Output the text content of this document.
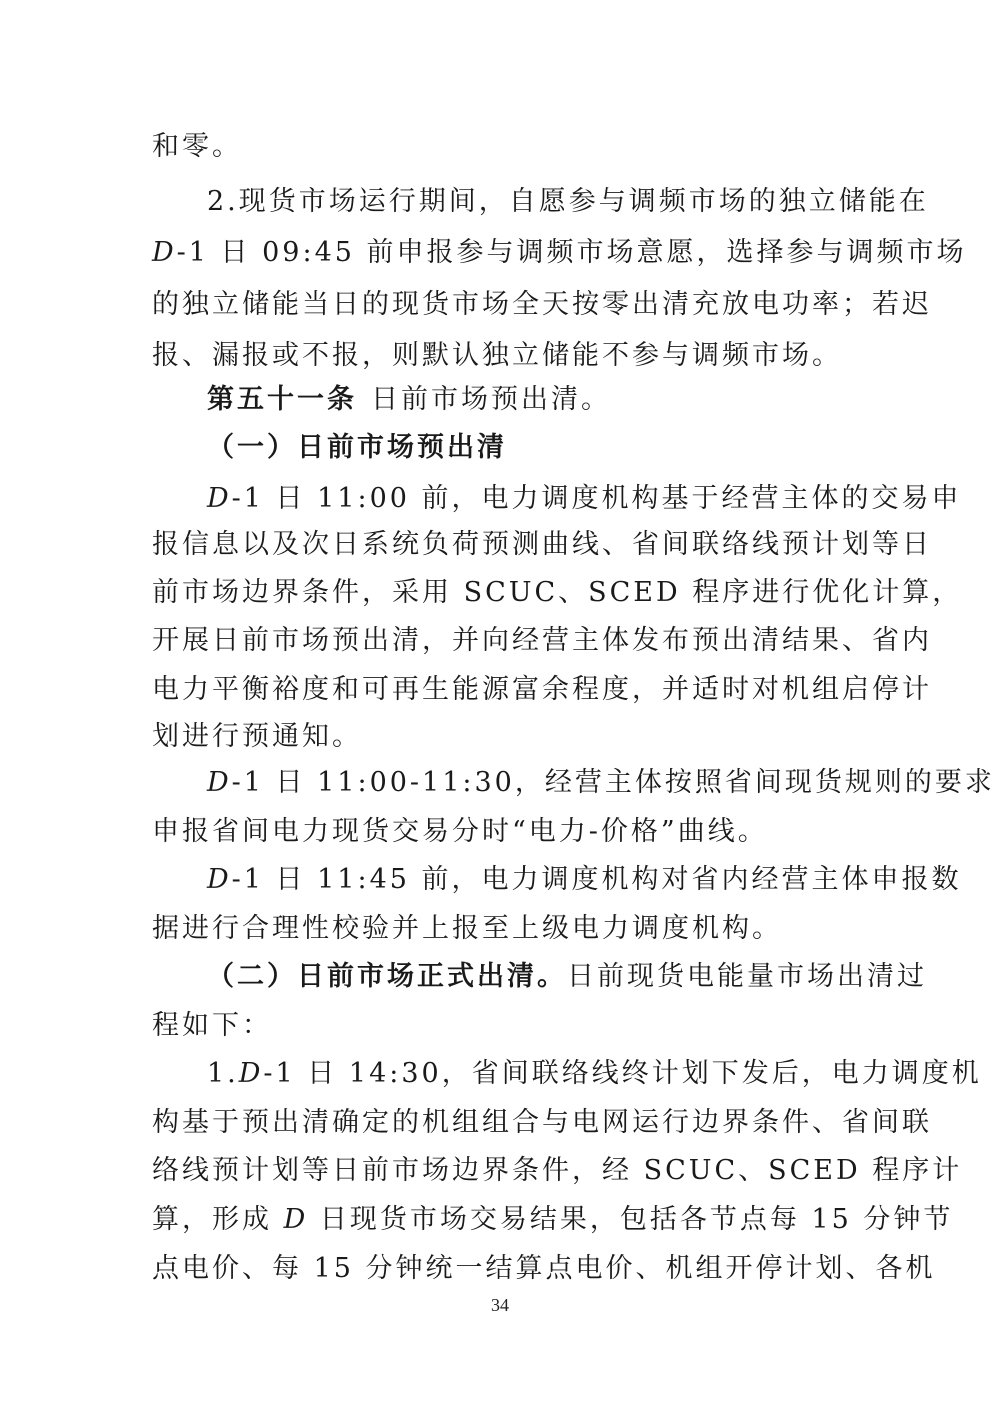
和零。
2.现货市场运行期间，自愿参与调频市场的独立储能在
D-1 日 09:45 前申报参与调频市场意愿，选择参与调频市场
的独立储能当日的现货市场全天按零出清充放电功率；若迟
报、漏报或不报，则默认独立储能不参与调频市场。
第五十一条 日前市场预出清。
（一）日前市场预出清
D-1 日 11:00 前，电力调度机构基于经营主体的交易申
报信息以及次日系统负荷预测曲线、省间联络线预计划等日
前市场边界条件，采用 SCUC、SCED 程序进行优化计算，
开展日前市场预出清，并向经营主体发布预出清结果、省内
电力平衡裕度和可再生能源富余程度，并适时对机组启停计
划进行预通知。
D-1 日 11:00-11:30，经营主体按照省间现货规则的要求
申报省间电力现货交易分时“电力-价格”曲线。
D-1 日 11:45 前，电力调度机构对省内经营主体申报数
据进行合理性校验并上报至上级电力调度机构。
（二）日前市场正式出清。日前现货电能量市场出清过
程如下：
1.D-1 日 14:30，省间联络线终计划下发后，电力调度机
构基于预出清确定的机组组合与电网运行边界条件、省间联
络线预计划等日前市场边界条件，经 SCUC、SCED 程序计
算，形成 D 日现货市场交易结果，包括各节点每 15 分钟节
点电价、每 15 分钟统一结算点电价、机组开停计划、各机
34
